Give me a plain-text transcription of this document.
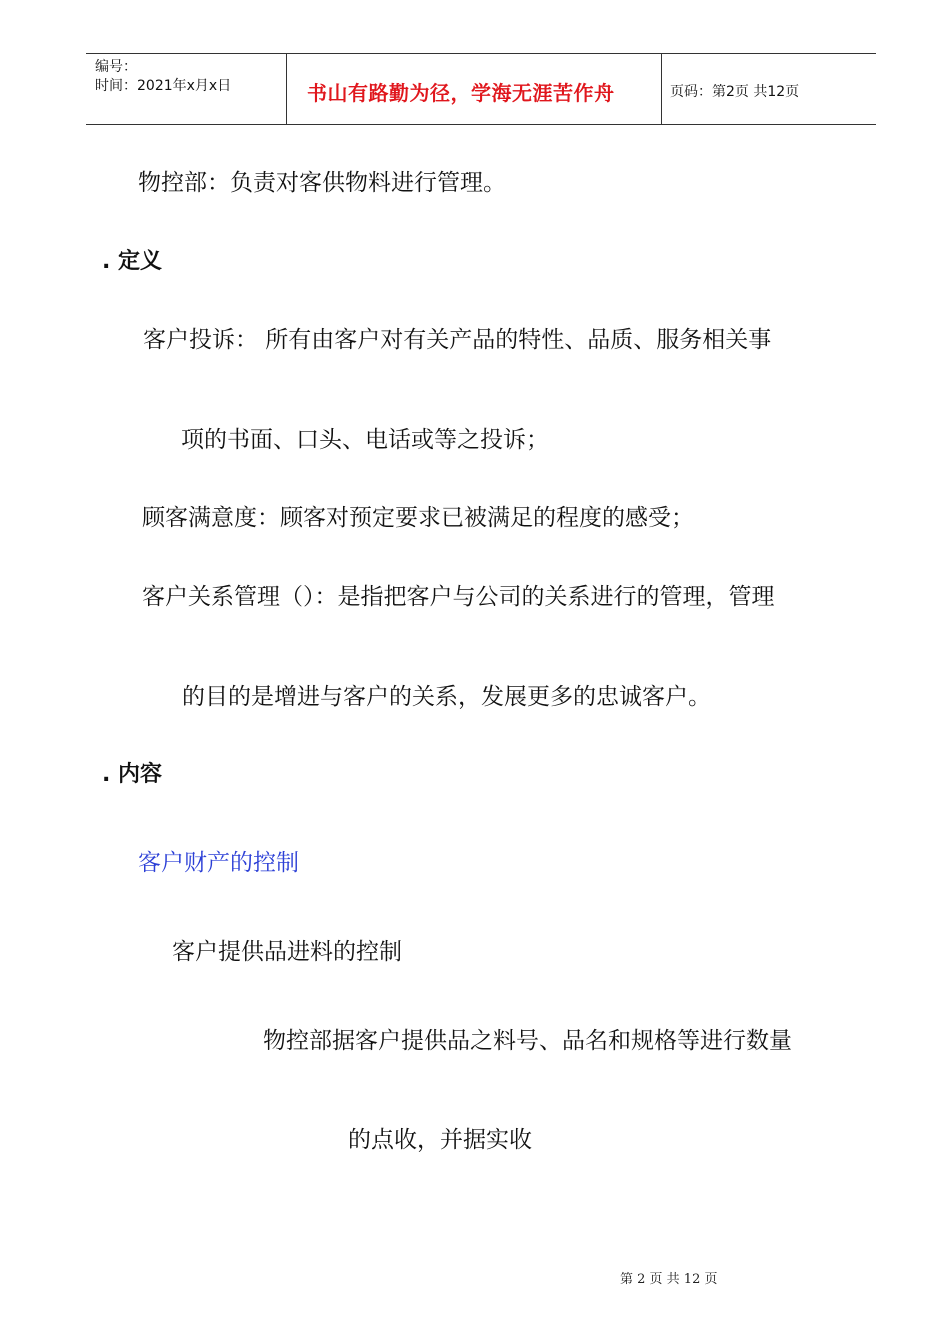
编号：
时间：2021年x月x日	书山有路勤为径，学海无涯苦作舟	页码：第2页 共12页
物控部：负责对客供物料进行管理。
. 定义
客户投诉： 所有由客户对有关产品的特性、品质、服务相关事
项的书面、口头、电话或等之投诉；
顾客满意度：顾客对预定要求已被满足的程度的感受；
客户关系管理（）：是指把客户与公司的关系进行的管理，管理
的目的是增进与客户的关系，发展更多的忠诚客户。
. 内容
客户财产的控制
客户提供品进料的控制
物控部据客户提供品之料号、品名和规格等进行数量
的点收，并据实收
第 2 页 共 12 页
